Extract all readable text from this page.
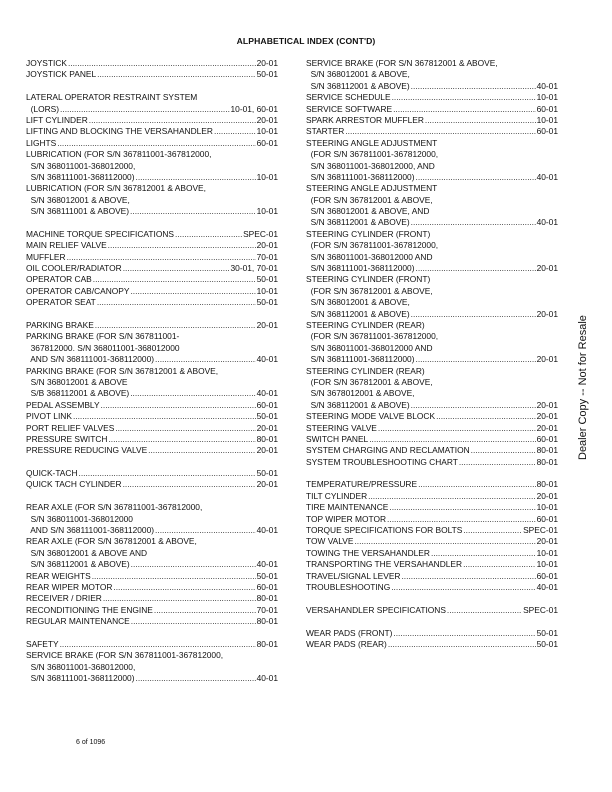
ALPHABETICAL INDEX (CONT'D)
JOYSTICK .....	20-01
JOYSTICK PANEL .....	50-01
LATERAL OPERATOR RESTRAINT SYSTEM
(LORS) .....	10-01, 60-01
LIFT CYLINDER .....	20-01
LIFTING AND BLOCKING THE VERSAHANDLER .....	10-01
LIGHTS .....	60-01
LUBRICATION (FOR S/N 367811001-367812000,
S/N 368011001-368012000,
S/N 368111001-368112000) .....	10-01
LUBRICATION (FOR S/N 367812001 & ABOVE,
S/N 368012001 & ABOVE,
S/N 368111001 & ABOVE) .....	10-01
MACHINE TORQUE SPECIFICATIONS .....	SPEC-01
MAIN RELIEF VALVE .....	20-01
MUFFLER .....	70-01
OIL COOLER/RADIATOR .....	30-01, 70-01
OPERATOR CAB .....	50-01
OPERATOR CAB/CANOPY .....	10-01
OPERATOR SEAT .....	50-01
PARKING BRAKE .....	20-01
PARKING BRAKE (FOR S/N 367811001-
367812000. S/N 368011001-368012000
AND S/N 368111001-368112000) .....	40-01
PARKING BRAKE (FOR S/N 367812001 & ABOVE,
S/N 368012001 & ABOVE
S/B 368112001 & ABOVE) .....	40-01
PEDAL ASSEMBLY .....	60-01
PIVOT LINK .....	50-01
PORT RELIEF VALVES .....	20-01
PRESSURE SWITCH .....	80-01
PRESSURE REDUCING VALVE .....	20-01
QUICK-TACH .....	50-01
QUICK TACH CYLINDER .....	20-01
REAR AXLE (FOR S/N 367811001-367812000,
S/N 368011001-368012000
AND S/N 368111001-368112000) .....	40-01
REAR AXLE (FOR S/N 367812001 & ABOVE,
S/N 368012001 & ABOVE AND
S/N 368112001 & ABOVE) .....	40-01
REAR WEIGHTS .....	50-01
REAR WIPER MOTOR .....	60-01
RECEIVER / DRIER .....	80-01
RECONDITIONING THE ENGINE .....	70-01
REGULAR MAINTENANCE .....	80-01
SAFETY .....	80-01
SERVICE BRAKE (FOR S/N 367811001-367812000,
S/N 368011001-368012000,
S/N 368111001-368112000) .....	40-01
SERVICE BRAKE (FOR S/N 367812001 & ABOVE,
S/N 368012001 & ABOVE,
S/N 368112001 & ABOVE) .....	40-01
SERVICE SCHEDULE .....	10-01
SERVICE SOFTWARE .....	60-01
SPARK ARRESTOR MUFFLER .....	10-01
STARTER .....	60-01
STEERING ANGLE ADJUSTMENT
(FOR S/N 367811001-367812000,
S/N 368011001-368012000, AND
S/N 368111001-368112000) .....	40-01
STEERING ANGLE ADJUSTMENT
(FOR S/N 367812001 & ABOVE,
S/N 368012001 & ABOVE, AND
S/N 368112001 & ABOVE) .....	40-01
STEERING CYLINDER (FRONT)
(FOR S/N 367811001-367812000,
S/N 368011001-368012000 AND
S/N 368111001-368112000) .....	20-01
STEERING CYLINDER (FRONT)
(FOR S/N 367812001 & ABOVE,
S/N 368012001 & ABOVE,
S/N 368112001 & ABOVE) .....	20-01
STEERING CYLINDER (REAR)
(FOR S/N 367811001-367812000,
S/N 368011001-368012000 AND
S/N 368111001-368112000) .....	20-01
STEERING CYLINDER (REAR)
(FOR S/N 367812001 & ABOVE,
S/N 3678012001 & ABOVE,
S/N 368112001 & ABOVE) .....	20-01
STEERING MODE VALVE BLOCK .....	20-01
STEERING VALVE .....	20-01
SWITCH PANEL .....	60-01
SYSTEM CHARGING AND RECLAMATION .....	80-01
SYSTEM TROUBLESHOOTING CHART .....	80-01
TEMPERATURE/PRESSURE .....	80-01
TILT CYLINDER .....	20-01
TIRE MAINTENANCE .....	10-01
TOP WIPER MOTOR .....	60-01
TORQUE SPECIFICATIONS FOR BOLTS .....	SPEC-01
TOW VALVE .....	20-01
TOWING THE VERSAHANDLER .....	10-01
TRANSPORTING THE VERSAHANDLER .....	10-01
TRAVEL/SIGNAL LEVER .....	60-01
TROUBLESHOOTING .....	40-01
VERSAHANDLER SPECIFICATIONS .....	SPEC-01
WEAR PADS (FRONT) .....	50-01
WEAR PADS (REAR) .....	50-01
Dealer Copy -- Not for Resale
6 of 1096
